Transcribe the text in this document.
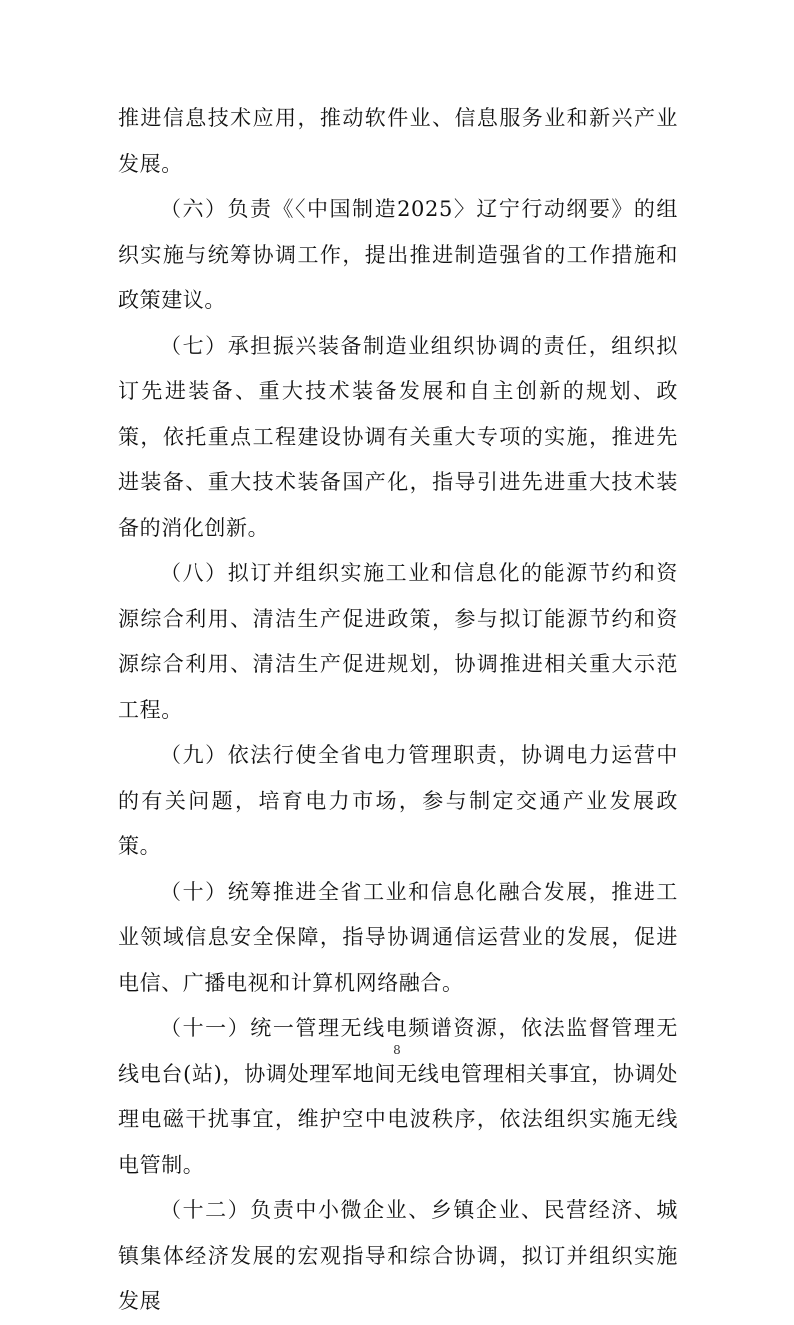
推进信息技术应用，推动软件业、信息服务业和新兴产业发展。

（六）负责《〈中国制造2025〉辽宁行动纲要》的组织实施与统筹协调工作，提出推进制造强省的工作措施和政策建议。

（七）承担振兴装备制造业组织协调的责任，组织拟订先进装备、重大技术装备发展和自主创新的规划、政策，依托重点工程建设协调有关重大专项的实施，推进先进装备、重大技术装备国产化，指导引进先进重大技术装备的消化创新。

（八）拟订并组织实施工业和信息化的能源节约和资源综合利用、清洁生产促进政策，参与拟订能源节约和资源综合利用、清洁生产促进规划，协调推进相关重大示范工程。

（九）依法行使全省电力管理职责，协调电力运营中的有关问题，培育电力市场，参与制定交通产业发展政策。

（十）统筹推进全省工业和信息化融合发展，推进工业领域信息安全保障，指导协调通信运营业的发展，促进电信、广播电视和计算机网络融合。

（十一）统一管理无线电频谱资源，依法监督管理无线电台(站)，协调处理军地间无线电管理相关事宜，协调处理电磁干扰事宜，维护空中电波秩序，依法组织实施无线电管制。

（十二）负责中小微企业、乡镇企业、民营经济、城镇集体经济发展的宏观指导和综合协调，拟订并组织实施发展

8
